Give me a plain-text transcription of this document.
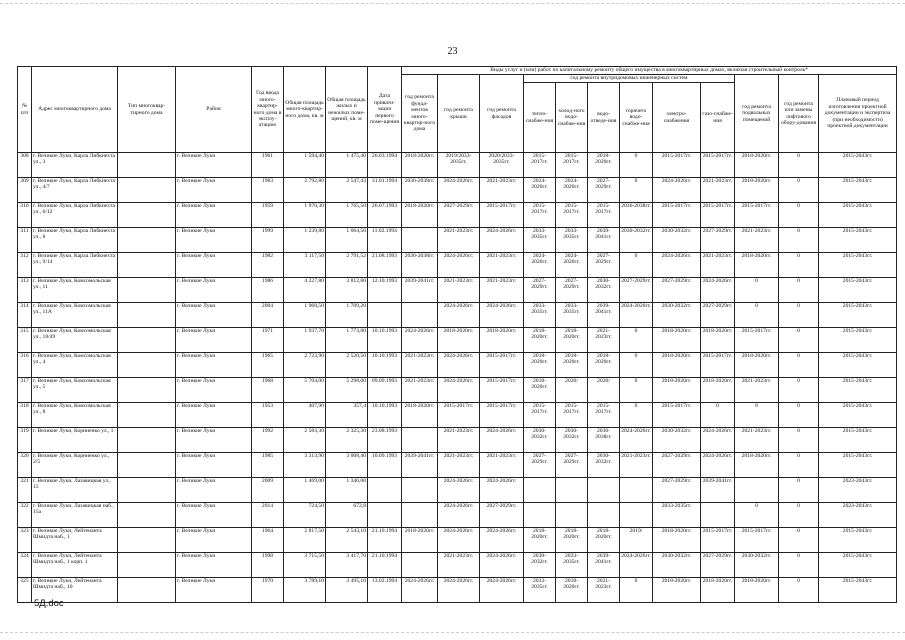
23
№ п/п	Адрес многоквартирного дома	Тип многоквар-тирного дома	Район	Год ввода много-квартир-ного дома в эксплу-атацию	Общая площадь много-квартир-ного дома, кв. м	Общая площадь жилых и нежилых поме-щений, кв. м	Дата привати-зации первого поме-щения	Виды услуг и (или) работ по капитальному ремонту общего имущества в многоквартирных домах, включая строительный контроль*											
								год ремонта фунда-ментов много-квартир-ного дома	год ремонта крыши	год ремонта фасадов	год ремонта внутридомовых инженерных систем						год ремонта подвальных помещений	год ремонта или замены лифтового обору-дования	Плановый период изготовления проектной документации и экспертиза (при необходимости) проектной документации
											тепло-снабже-ния	холод-ного водо-снабже-ния	водо-отведе-ния	горячего водо-снабже-ния	электро-снабжения	газо-снабже-ния			
308	г. Великие Луки, Карла Либкнехта ул., 3		г. Великие Луки	1961	1 594,40	1 475,40	26.03.1994	2018-2020гг.	2019/2033-2035гг.	2020/2033-2035гг.	2015-2017гг.	2015-2017гг.	2018-2020гг.	0	2015-2017гг.	2015-2017гг.	2018-2020гг.	0	2015-2043гг.
309	г. Великие Луки, Карла Либкнехта ул., 4/7		г. Великие Луки	1983	2 792,80	2 547,43	31.01.1994	2036-2038гг.	2024-2026гг.	2021-2023гг.	2024-2026гг.	2024-2026гг.	2027-2029гг.	0	2024-2026гг.	2021-2023гг.	2018-2020гг.	0	2015-2043гг.
310	г. Великие Луки, Карла Либкнехта ул., 6/12		г. Великие Луки	1959	1 970,30	1 765,50	26.07.1993	2018-2020гг.	2027-2029гг.	2015-2017гг.	2015-2017гг.	2015-2017гг.	2015-2017гг.	2036-2038гг.	2015-2017гг.	2015-2017гг.	2015-2017гг.	0	2015-2043гг.
311	г. Великие Луки, Карла Либкнехта ул., 8		г. Великие Луки	1999	1 239,80	1 064,50	11.02.1994		2021-2023гг.	2024-2026гг.	2033-2035гг.	2033-2035гг.	2039-2041гг.	2030-2032гг.	2030-2032гг.	2027-2029гг.	2021-2023гг.	0	2015-2043гг.
312	г. Великие Луки, Карла Либкнехта ул., 9/14		г. Великие Луки	1982	3 117,50	2 791,52	21.08.1993	2036-2038гг.	2024-2026гг.	2021-2023гг.	2024-2026гг.	2024-2026гг.	2027-2029гг.	0	2024-2026гг.	2021-2023гг.	2018-2020гг.	0	2015-2043гг.
313	г. Великие Луки, Комсомольская ул., 11		г. Великие Луки	1986	4 227,80	3 812,80	12.10.1993	2039-2041гг.	2021-2023гг.	2021-2023гг.	2027-2029гг.	2027-2029гг.	2030-2032гг.	2027-2029гг.	2027-2029гг.	2024-2026гг.	0	0	2015-2043гг.
314	г. Великие Луки, Комсомольская ул., 11А		г. Великие Луки	2004	1 968,50	1 709,20			2024-2026гг.	2024-2026гг.	2033-2035гг.	2033-2035гг.	2039-2041гг.	2024-2026гг.	2030-2032гг.	2027-2029гг.	0	0	2015-2043гг.
315	г. Великие Луки, Комсомольская ул., 18/49		г. Великие Луки	1971	1 937,70	1 773,80	10.10.1993	2024-2026гг.	2018-2020гг.	2018-2020гг.	2018-2020гг.	2018-2020гг.	2021-2023гг.	0	2018-2020гг.	2018-2020гг.	2015-2017гг.	0	2015-2043гг.
316	г. Великие Луки, Комсомольская ул., 4		г. Великие Луки	1965	2 723,90	2 520,50	10.10.1993	2021-2023гг.	2024-2026гг.	2015-2017гг.	2018-2020гг.	2018-2020гг.	2018-2020гг.	0	2018-2020гг.	2015-2017гг.	2018-2020гг.	0	2015-2043гг.
317	г. Великие Луки, Комсомольская ул., 5		г. Великие Луки	1968	5 704,00	5 298,00	09.09.1993	2021-2023гг.	2024-2026гг.	2015-2017гг.	2018-2020гг.	2020/	2020/	0	2018-2020гг.	2018-2020гг.	2021-2023гг.	0	2015-2043гг.
318	г. Великие Луки, Комсомольская ул., 8		г. Великие Луки	1953	407,90	357,4	10.10.1993	2018-2020гг.	2015-2017гг.	2015-2017гг.	2015-2017гг.	2015-2017гг.	2015-2017гг.	0	2015-2017гг.	0	0	0	2015-2043гг.
319	г. Великие Луки, Корниенко ул., 1		г. Великие Луки	1992	2 583,30	2 325,30	23.08.1993		2021-2023гг.	2024-2026гг.	2030-2032гг.	2030-2032гг.	2036-2038гг.	2024-2026гг.	2030-2032гг.	2024-2026гг.	2021-2023гг.	0	2015-2043гг.
320	г. Великие Луки, Корниенко ул., 2/5		г. Великие Луки	1985	3 313,90	3 008,40	10.09.1993	2039-2041гг.	2021-2023гг.	2021-2023гг.	2027-2029гг.	2027-2029гг.	2030-2032гг.	2021-2023гг.	2027-2029гг.	2024-2026гг.	2018-2020гг.	0	2015-2043гг.
321	г. Великие Луки, Лазавицкая ул., 15		г. Великие Луки	2009	1 469,00	1 346,00			2024-2026гг.	2024-2026гг.					2027-2029гг.	2039-2041гг.		0	2023-2043гг.
322	г. Великие Луки, Лазавицкая наб., 15а		г. Великие Луки	2014	724,50	672,8			2024-2026гг.	2027-2029гг.					2033-2035гг.		0	0	2023-2043гг.
323	г. Великие Луки, Лейтенанта Шмидта наб., 1		г. Великие Луки	1964	2 817,50	2 543,10	21.10.1994	2018-2020гг.	2024-2026гг.	2024-2026гг.	2018-2020гг.	2018-2020гг.	2018-2020гг.	2019/	2018-2020гг.	2015-2017гг.	2015-2017гг.	0	2015-2043гг.
324	г. Великие Луки, Лейтенанта Шмидта наб., 1 корп. 1		г. Великие Луки	1998	3 715,50	3 417,70	21.10.1994		2021-2023гг.	2024-2026гг.	2030-2032гг.	2033-2035гг.	2039-2041гг.	2024-2026гг.	2030-2032гг.	2027-2029гг.	2030-2032гг.	0	2015-2043гг.
325	г. Великие Луки, Лейтенанта Шмидта наб., 10		г. Великие Луки	1970	3 789,10	3 495,10	13.02.1994	2024-2026гг.	2024-2026гг.	2024-2026гг.	2033-2035гг.	2018-2020гг.	2021-2023гг.	0	2018-2020гг.	2018-2020гг.	2018-2020гг.	0	2015-2043гг.
5Д.doc
